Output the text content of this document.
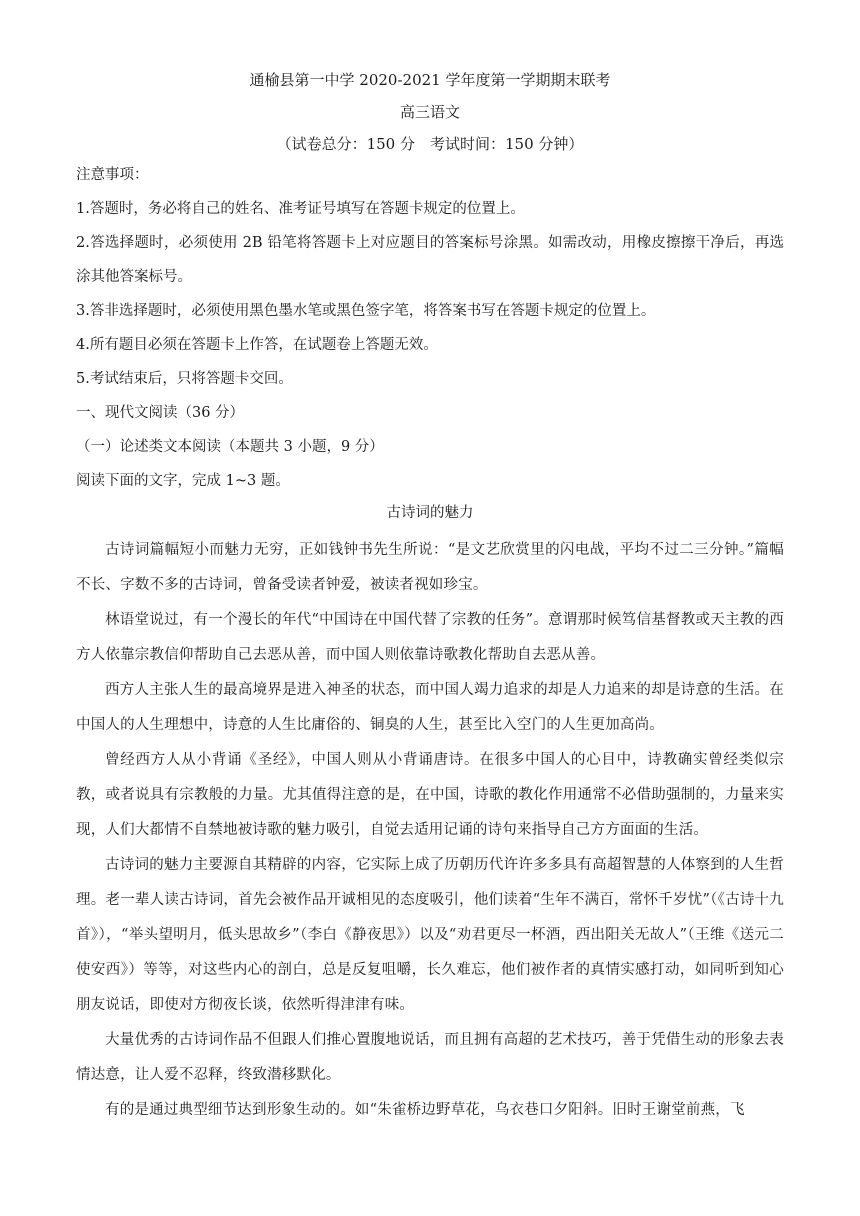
通榆县第一中学 2020-2021 学年度第一学期期末联考

高三语文

（试卷总分：150 分　考试时间：150 分钟）

注意事项：

1.答题时，务必将自己的姓名、准考证号填写在答题卡规定的位置上。

2.答选择题时，必须使用 2B 铅笔将答题卡上对应题目的答案标号涂黑。如需改动，用橡皮擦擦干净后，再选涂其他答案标号。

3.答非选择题时，必须使用黑色墨水笔或黑色签字笔，将答案书写在答题卡规定的位置上。

4.所有题目必须在答题卡上作答，在试题卷上答题无效。

5.考试结束后，只将答题卡交回。

一、现代文阅读（36 分）

（一）论述类文本阅读（本题共 3 小题，9 分）

阅读下面的文字，完成 1~3 题。

古诗词的魅力

古诗词篇幅短小而魅力无穷，正如钱钟书先生所说：“是文艺欣赏里的闪电战，平均不过二三分钟。”篇幅不长、字数不多的古诗词，曾备受读者钟爱，被读者视如珍宝。

林语堂说过，有一个漫长的年代“中国诗在中国代替了宗教的任务”。意谓那时候笃信基督教或天主教的西方人依靠宗教信仰帮助自己去恶从善，而中国人则依靠诗歌教化帮助自去恶从善。

西方人主张人生的最高境界是进入神圣的状态，而中国人竭力追求的却是人力追来的却是诗意的生活。在中国人的人生理想中，诗意的人生比庸俗的、铜臭的人生，甚至比入空门的人生更加高尚。

曾经西方人从小背诵《圣经》，中国人则从小背诵唐诗。在很多中国人的心目中，诗教确实曾经类似宗教，或者说具有宗教般的力量。尤其值得注意的是，在中国，诗歌的教化作用通常不必借助强制的，力量来实现，人们大都情不自禁地被诗歌的魅力吸引，自觉去适用记诵的诗句来指导自己方方面面的生活。

古诗词的魅力主要源自其精辟的内容，它实际上成了历朝历代许许多多具有高超智慧的人体察到的人生哲理。老一辈人读古诗词，首先会被作品开诚相见的态度吸引，他们读着“生年不满百，常怀千岁忧”（《古诗十九首》），“举头望明月，低头思故乡”（李白《静夜思》）以及“劝君更尽一杯酒，西出阳关无故人”（王维《送元二使安西》）等等，对这些内心的剖白，总是反复咀嚼，长久难忘，他们被作者的真情实感打动，如同听到知心朋友说话，即使对方彻夜长谈，依然听得津津有味。

大量优秀的古诗词作品不但跟人们推心置腹地说话，而且拥有高超的艺术技巧，善于凭借生动的形象去表情达意，让人爱不忍释，终致潜移默化。

有的是通过典型细节达到形象生动的。如“朱雀桥边野草花，乌衣巷口夕阳斜。旧时王谢堂前燕，飞
